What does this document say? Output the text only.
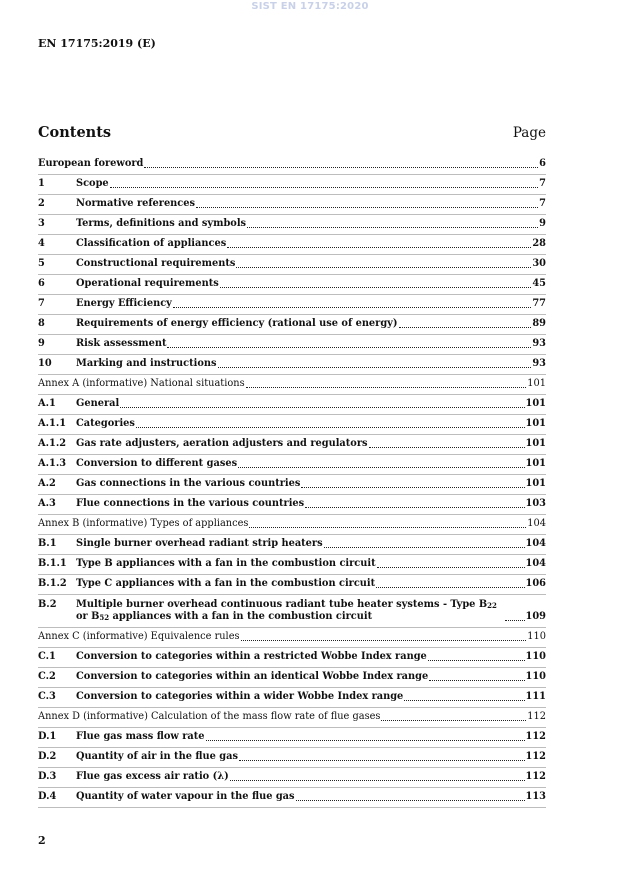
SIST EN 17175:2020
EN 17175:2019 (E)
Contents	Page
European foreword	6
1	Scope	7
2	Normative references	7
3	Terms, definitions and symbols	9
4	Classification of appliances	28
5	Constructional requirements	30
6	Operational requirements	45
7	Energy Efficiency	77
8	Requirements of energy efficiency (rational use of energy)	89
9	Risk assessment	93
10	Marking and instructions	93
Annex A (informative) National situations	101
A.1	General	101
A.1.1	Categories	101
A.1.2	Gas rate adjusters, aeration adjusters and regulators	101
A.1.3	Conversion to different gases	101
A.2	Gas connections in the various countries	101
A.3	Flue connections in the various countries	103
Annex B (informative) Types of appliances	104
B.1	Single burner overhead radiant strip heaters	104
B.1.1 Type B appliances with a fan in the combustion circuit	104
B.1.2 Type C appliances with a fan in the combustion circuit	106
B.2	Multiple burner overhead continuous radiant tube heater systems - Type $B_{22}$ or $B_{52}$ appliances with a fan in the combustion circuit	109
Annex C (informative) Equivalence rules	110
C.1	Conversion to categories within a restricted Wobbe Index range	110
C.2	Conversion to categories within an identical Wobbe Index range	110
C.3	Conversion to categories within a wider Wobbe Index range	111
Annex D (informative) Calculation of the mass flow rate of flue gases	112
D.1	Flue gas mass flow rate	112
D.2	Quantity of air in the flue gas	112
D.3	Flue gas excess air ratio (λ)	112
D.4	Quantity of water vapour in the flue gas	113
2
